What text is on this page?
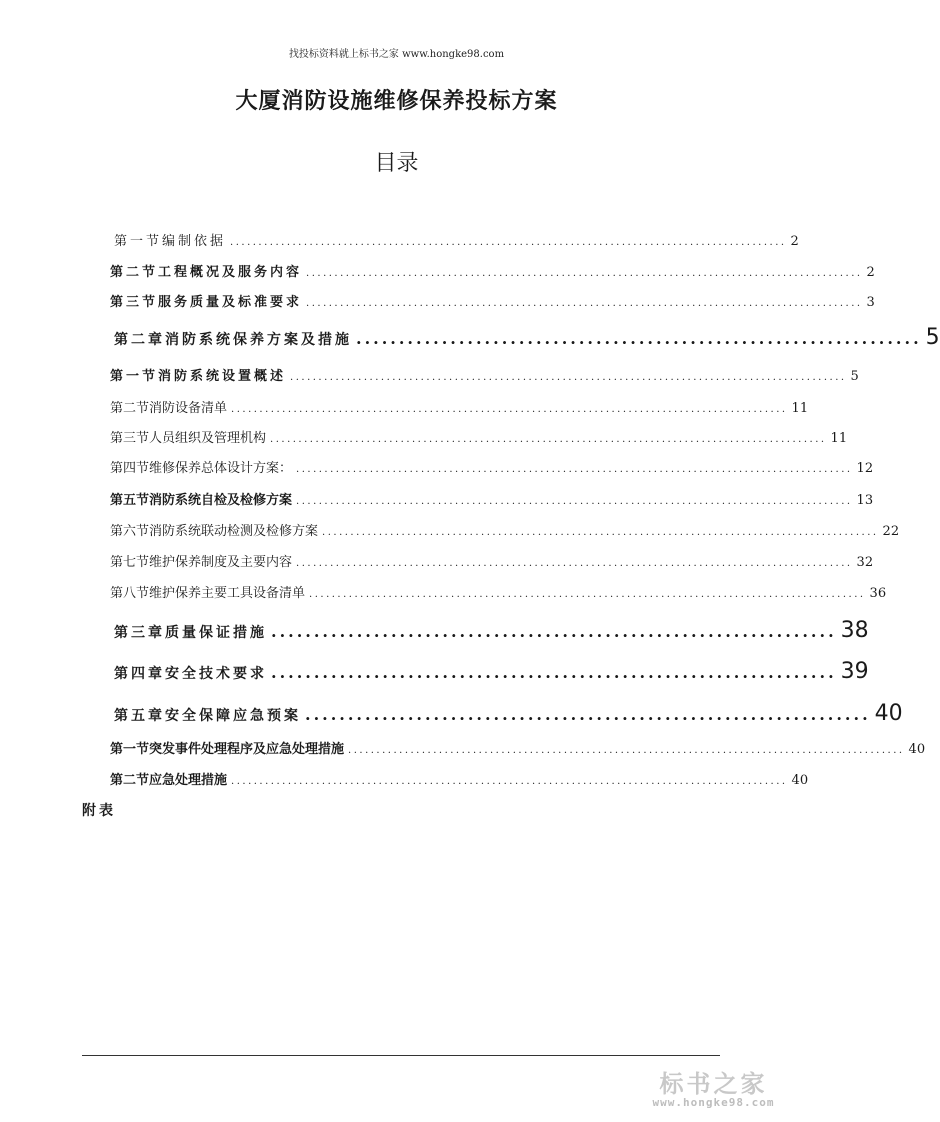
找投标资料就上标书之家 www.hongke98.com
大厦消防设施维修保养投标方案
目录
第一节 编制依据 .................................................................................................. 2
第二节 工程概况及服务内容 .................................................................................................. 2
第三节 服务质量及标准要求 .................................................................................................. 3
第二章 消防系统保养方案及措施 .................................................................. 5
第一节 消防系统设置概述 .................................................................................................. 5
第二节 消防设备清单 .................................................................................................. 11
第三节 人员组织及管理机构 .................................................................................................. 11
第四节 维修保养总体设计方案： .................................................................................................. 12
第五节 消防系统自检及检修方案 .................................................................................................. 13
第六节 消防系统联动检测及检修方案 .................................................................................................. 22
第七节 维护保养制度及主要内容 .................................................................................................. 32
第八节 维护保养主要工具设备清单 .................................................................................................. 36
第三章 质量保证措施 .................................................................. 38
第四章 安全技术要求 .................................................................. 39
第五章 安全保障应急预案 .................................................................. 40
第一节 突发事件处理程序及应急处理措施 .................................................................................................. 40
第二节 应急处理措施 .................................................................................................. 40
附表
标书之家
www.hongke98.com
